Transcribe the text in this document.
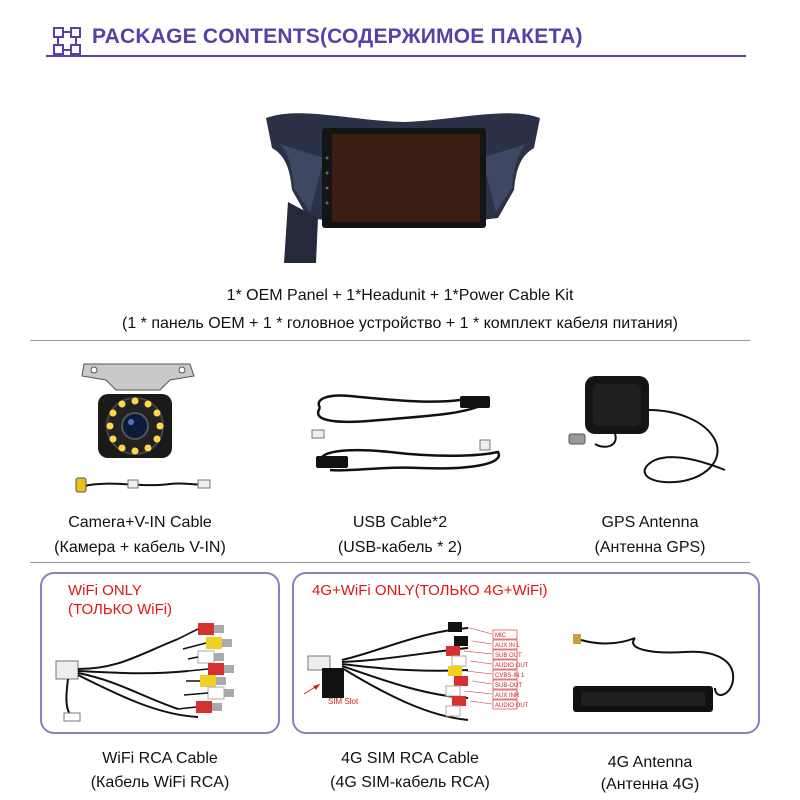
PACKAGE CONTENTS(СОДЕРЖИМОЕ ПАКЕТА)
1* OEM Panel + 1*Headunit + 1*Power Cable Kit
(1 * панель OEM + 1 * головное устройство + 1 * комплект кабеля питания)
Camera+V-IN Cable
(Камера + кабель V-IN)
USB Cable*2
(USB-кабель * 2)
GPS Antenna
(Антенна GPS)
WiFi ONLY
(ТОЛЬКО WiFi)
WiFi RCA Cable
(Кабель WiFi RCA)
4G+WiFi ONLY(ТОЛЬКО 4G+WiFi)
MIC
AUX IN L
SUB OUT
AUDIO OUT
CVBS-IN 1
SUB-OUT
AUX INR
AUDIO OUT
SIM Slot
4G SIM RCA Cable
(4G SIM-кабель RCA)
4G Antenna
(Антенна 4G)
